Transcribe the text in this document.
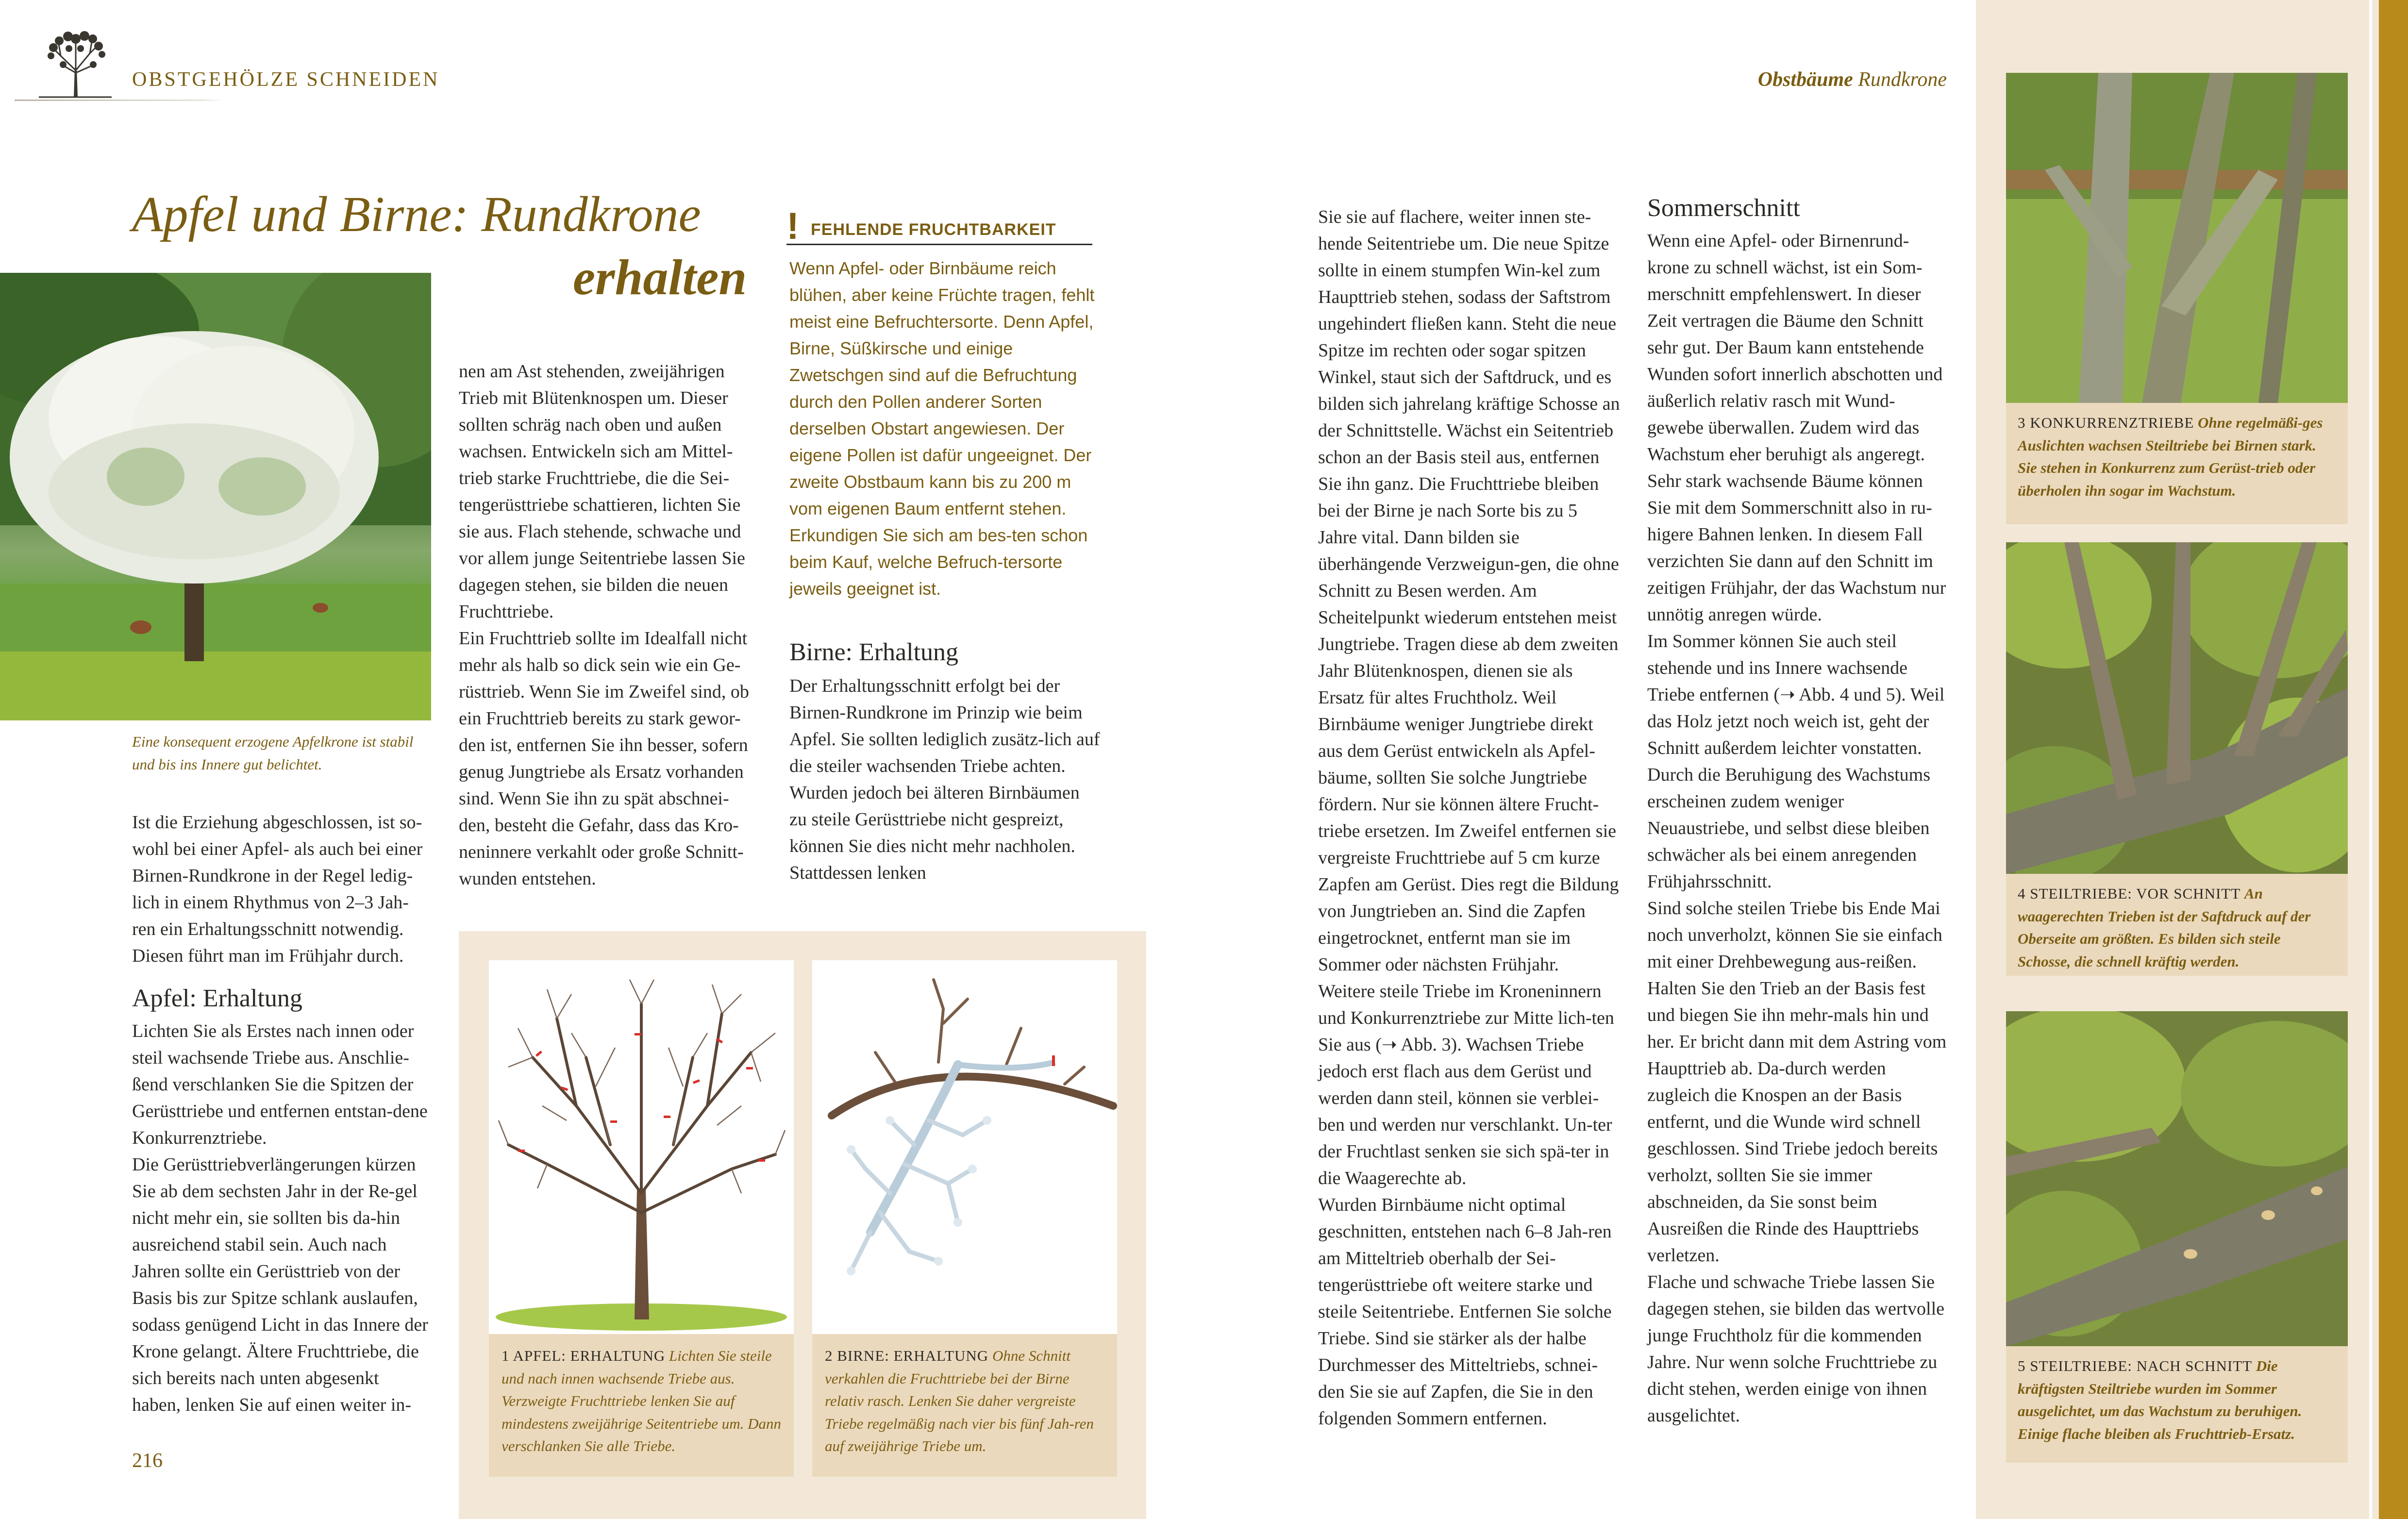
OBSTGEHÖLZE SCHNEIDEN	Obstbäume Rundkrone
Apfel und Birne: Rundkrone
erhalten
Eine konsequent erzogene Apfelkrone ist stabil und bis ins Innere gut belichtet.

Ist die Erziehung abgeschlossen, ist so-wohl bei einer Apfel- als auch bei einer Birnen-Rundkrone in der Regel ledig-lich in einem Rhythmus von 2–3 Jah-ren ein Erhaltungsschnitt notwendig. Diesen führt man im Frühjahr durch.

Apfel: Erhaltung

Lichten Sie als Erstes nach innen oder steil wachsende Triebe aus. Anschlie-ßend verschlanken Sie die Spitzen der Gerüsttriebe und entfernen entstan-dene Konkurrenztriebe.

Die Gerüsttriebverlängerungen kürzen Sie ab dem sechsten Jahr in der Re-gel nicht mehr ein, sie sollten bis da-hin ausreichend stabil sein. Auch nach Jahren sollte ein Gerüsttrieb von der Basis bis zur Spitze schlank auslaufen, sodass genügend Licht in das Innere der Krone gelangt. Ältere Fruchttriebe, die sich bereits nach unten abgesenkt haben, lenken Sie auf einen weiter in-

nen am Ast stehenden, zweijährigen Trieb mit Blütenknospen um. Dieser sollten schräg nach oben und außen wachsen. Entwickeln sich am Mittel-trieb starke Fruchttriebe, die die Sei-tengerüsttriebe schattieren, lichten Sie sie aus. Flach stehende, schwache und vor allem junge Seitentriebe lassen Sie dagegen stehen, sie bilden die neuen Fruchttriebe.

Ein Fruchttrieb sollte im Idealfall nicht mehr als halb so dick sein wie ein Ge-rüsttrieb. Wenn Sie im Zweifel sind, ob ein Fruchttrieb bereits zu stark gewor-den ist, entfernen Sie ihn besser, sofern genug Jungtriebe als Ersatz vorhanden sind. Wenn Sie ihn zu spät abschnei-den, besteht die Gefahr, dass das Kro-neninnere verkahlt oder große Schnitt-wunden entstehen.

! FEHLENDE FRUCHTBARKEIT
Wenn Apfel- oder Birnbäume reich blühen, aber keine Früchte tragen, fehlt meist eine Befruchtersorte. Denn Apfel, Birne, Süßkirsche und einige Zwetschgen sind auf die Befruchtung durch den Pollen anderer Sorten derselben Obstart angewiesen. Der eigene Pollen ist dafür ungeeignet. Der zweite Obstbaum kann bis zu 200 m vom eigenen Baum entfernt stehen. Erkundigen Sie sich am bes-ten schon beim Kauf, welche Befruch-tersorte jeweils geeignet ist.
Birne: Erhaltung

Der Erhaltungsschnitt erfolgt bei der Birnen-Rundkrone im Prinzip wie beim Apfel. Sie sollten lediglich zusätz-lich auf die steiler wachsenden Triebe achten. Wurden jedoch bei älteren Birnbäumen zu steile Gerüsttriebe nicht gespreizt, können Sie dies nicht mehr nachholen. Stattdessen lenken

1 APFEL: ERHALTUNG Lichten Sie steile und nach innen wachsende Triebe aus. Verzweigte Fruchttriebe lenken Sie auf mindestens zweijährige Seitentriebe um. Dann verschlanken Sie alle Triebe.
2 BIRNE: ERHALTUNG Ohne Schnitt verkahlen die Fruchttriebe bei der Birne relativ rasch. Lenken Sie daher vergreiste Triebe regelmäßig nach vier bis fünf Jah-ren auf zweijährige Triebe um.

Sie sie auf flachere, weiter innen ste-hende Seitentriebe um. Die neue Spitze sollte in einem stumpfen Win-kel zum Haupttrieb stehen, sodass der Saftstrom ungehindert fließen kann. Steht die neue Spitze im rechten oder sogar spitzen Winkel, staut sich der Saftdruck, und es bilden sich jahrelang kräftige Schosse an der Schnittstelle. Wächst ein Seitentrieb schon an der Basis steil aus, entfernen Sie ihn ganz. Die Fruchttriebe bleiben bei der Birne je nach Sorte bis zu 5 Jahre vital. Dann bilden sie überhängende Verzweigun-gen, die ohne Schnitt zu Besen werden. Am Scheitelpunkt wiederum entstehen meist Jungtriebe. Tragen diese ab dem zweiten Jahr Blütenknospen, dienen sie als Ersatz für altes Fruchtholz. Weil Birnbäume weniger Jungtriebe direkt aus dem Gerüst entwickeln als Apfel-bäume, sollten Sie solche Jungtriebe fördern. Nur sie können ältere Frucht-triebe ersetzen. Im Zweifel entfernen sie vergreiste Fruchttriebe auf 5 cm kurze Zapfen am Gerüst. Dies regt die Bildung von Jungtrieben an. Sind die Zapfen eingetrocknet, entfernt man sie im Sommer oder nächsten Frühjahr.

Weitere steile Triebe im Kroneninnern und Konkurrenztriebe zur Mitte lich-ten Sie aus (➝ Abb. 3). Wachsen Triebe jedoch erst flach aus dem Gerüst und werden dann steil, können sie verblei-ben und werden nur verschlankt. Un-ter der Fruchtlast senken sie sich spä-ter in die Waagerechte ab.

Wurden Birnbäume nicht optimal geschnitten, entstehen nach 6–8 Jah-ren am Mitteltrieb oberhalb der Sei-tengerüsttriebe oft weitere starke und steile Seitentriebe. Entfernen Sie solche Triebe. Sind sie stärker als der halbe Durchmesser des Mitteltriebs, schnei-den Sie sie auf Zapfen, die Sie in den folgenden Sommern entfernen.

Sommerschnitt

Wenn eine Apfel- oder Birnenrund-krone zu schnell wächst, ist ein Som-merschnitt empfehlenswert. In dieser Zeit vertragen die Bäume den Schnitt sehr gut. Der Baum kann entstehende Wunden sofort innerlich abschotten und äußerlich relativ rasch mit Wund-gewebe überwallen. Zudem wird das Wachstum eher beruhigt als angeregt. Sehr stark wachsende Bäume können Sie mit dem Sommerschnitt also in ru-higere Bahnen lenken. In diesem Fall verzichten Sie dann auf den Schnitt im zeitigen Frühjahr, der das Wachstum nur unnötig anregen würde.

Im Sommer können Sie auch steil stehende und ins Innere wachsende Triebe entfernen (➝ Abb. 4 und 5). Weil das Holz jetzt noch weich ist, geht der Schnitt außerdem leichter vonstatten. Durch die Beruhigung des Wachstums erscheinen zudem weniger Neuaustriebe, und selbst diese bleiben schwächer als bei einem anregenden Frühjahrsschnitt.

Sind solche steilen Triebe bis Ende Mai noch unverholzt, können Sie sie einfach mit einer Drehbewegung aus-reißen. Halten Sie den Trieb an der Basis fest und biegen Sie ihn mehr-mals hin und her. Er bricht dann mit dem Astring vom Haupttrieb ab. Da-durch werden zugleich die Knospen an der Basis entfernt, und die Wunde wird schnell geschlossen. Sind Triebe jedoch bereits verholzt, sollten Sie sie immer abschneiden, da Sie sonst beim Ausreißen die Rinde des Haupttriebs verletzen.

Flache und schwache Triebe lassen Sie dagegen stehen, sie bilden das wertvolle junge Fruchtholz für die kommenden Jahre. Nur wenn solche Fruchttriebe zu dicht stehen, werden einige von ihnen ausgelichtet.

3 KONKURRENZTRIEBE Ohne regelmäßi-ges Auslichten wachsen Steiltriebe bei Birnen stark. Sie stehen in Konkurrenz zum Gerüst-trieb oder überholen ihn sogar im Wachstum.
4 STEILTRIEBE: VOR SCHNITT An waagerechten Trieben ist der Saftdruck auf der Oberseite am größten. Es bilden sich steile Schosse, die schnell kräftig werden.
5 STEILTRIEBE: NACH SCHNITT Die kräftigsten Steiltriebe wurden im Sommer ausgelichtet, um das Wachstum zu beruhigen. Einige flache bleiben als Fruchttrieb-Ersatz.
216
